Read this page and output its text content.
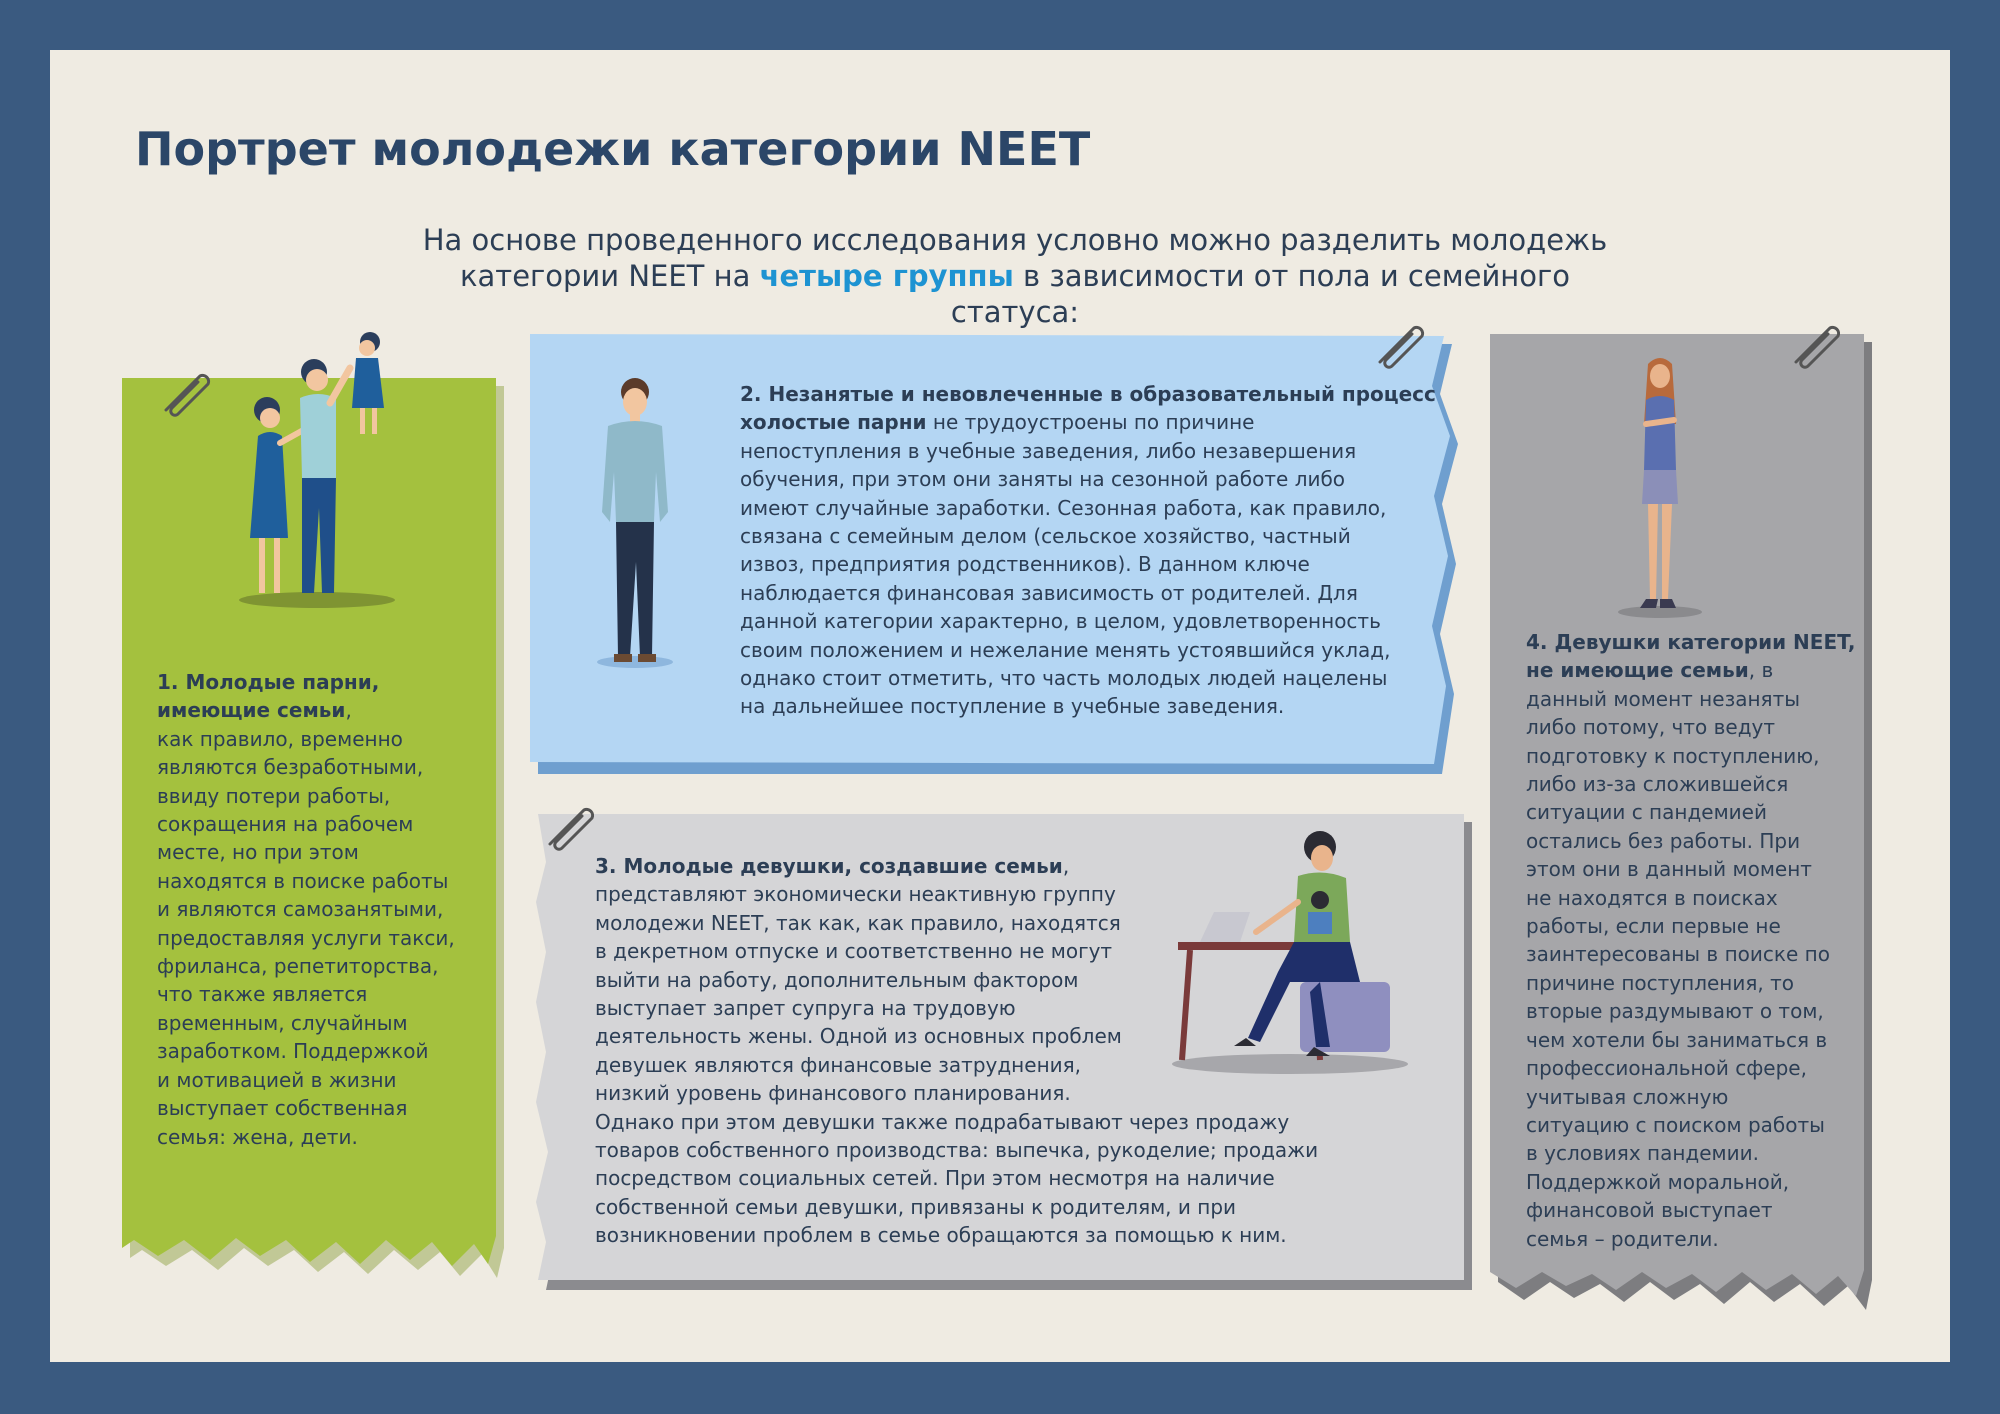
Портрет молодежи категории NEET
На основе проведенного исследования условно можно разделить молодежь
категории NEET на четыре группы в зависимости от пола и семейного статуса:
1. Молодые парни,
имеющие семьи,
как правило, временно
являются безработными,
ввиду потери работы,
сокращения на рабочем
месте, но при этом
находятся в поиске работы
и являются самозанятыми,
предоставляя услуги такси,
фриланса, репетиторства,
что также является
временным, случайным
заработком. Поддержкой
и мотивацией в жизни
выступает собственная
семья: жена, дети.
2. Незанятые и невовлеченные в образовательный процесс
холостые парни не трудоустроены по причине
непоступления в учебные заведения, либо незавершения
обучения, при этом они заняты на сезонной работе либо
имеют случайные заработки. Сезонная работа, как правило,
связана с семейным делом (сельское хозяйство, частный
извоз, предприятия родственников). В данном ключе
наблюдается финансовая зависимость от родителей. Для
данной категории характерно, в целом, удовлетворенность
своим положением и нежелание менять устоявшийся уклад,
однако стоит отметить, что часть молодых людей нацелены
на дальнейшее поступление в учебные заведения.
3. Молодые девушки, создавшие семьи,
представляют экономически неактивную группу
молодежи NEET, так как, как правило, находятся
в декретном отпуске и соответственно не могут
выйти на работу, дополнительным фактором
выступает запрет супруга на трудовую
деятельность жены. Одной из основных проблем
девушек являются финансовые затруднения,
низкий уровень финансового планирования.
Однако при этом девушки также подрабатывают через продажу
товаров собственного производства: выпечка, рукоделие; продажи
посредством социальных сетей. При этом несмотря на наличие
собственной семьи девушки, привязаны к родителям, и при
возникновении проблем в семье обращаются за помощью к ним.
4. Девушки категории NEET,
не имеющие семьи, в
данный момент незаняты
либо потому, что ведут
подготовку к поступлению,
либо из-за сложившейся
ситуации с пандемией
остались без работы. При
этом они в данный момент
не находятся в поисках
работы, если первые не
заинтересованы в поиске по
причине поступления, то
вторые раздумывают о том,
чем хотели бы заниматься в
профессиональной сфере,
учитывая сложную
ситуацию с поиском работы
в условиях пандемии.
Поддержкой моральной,
финансовой выступает
семья – родители.
